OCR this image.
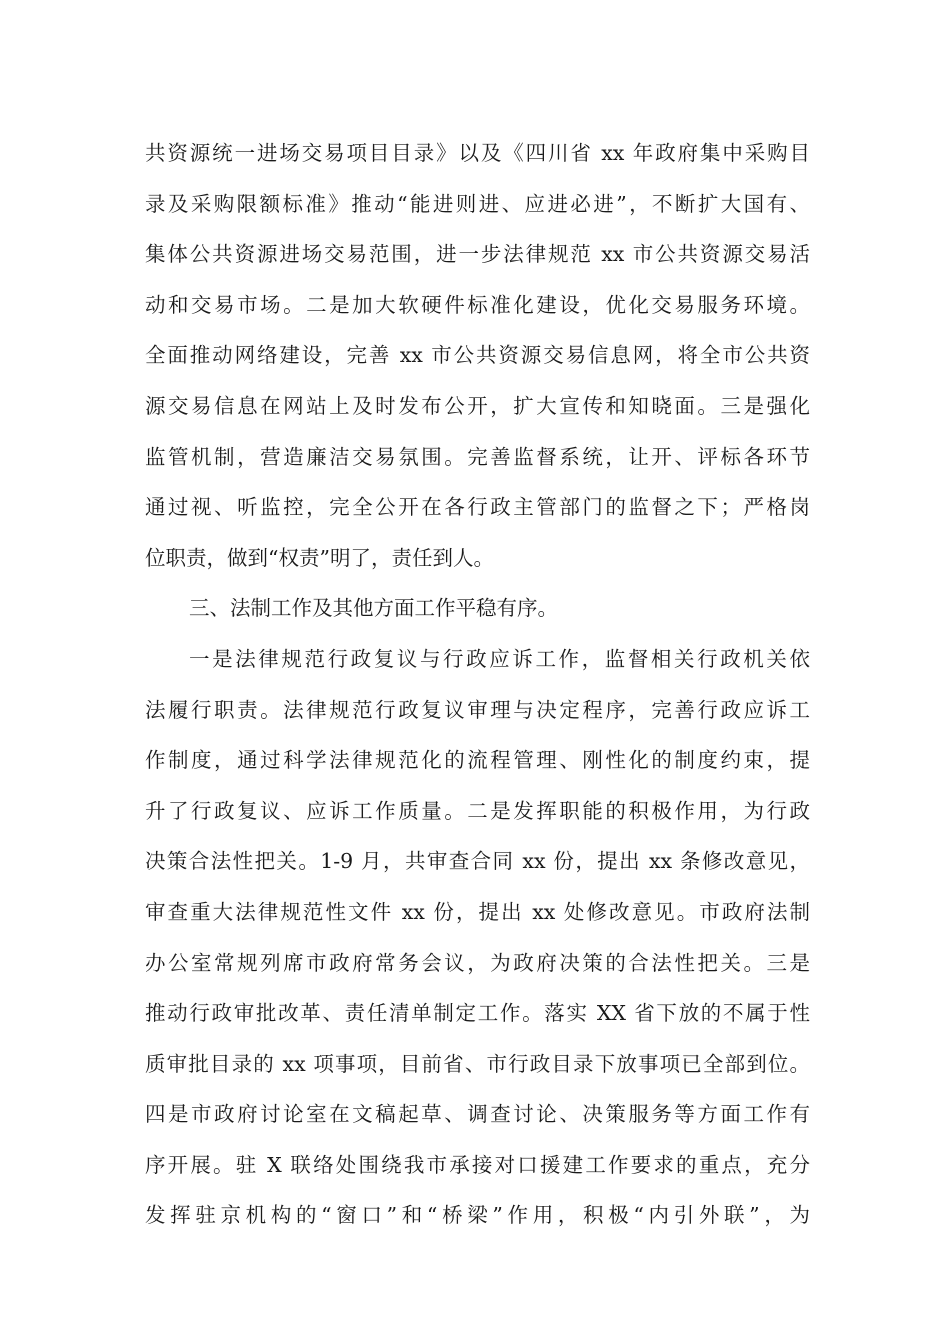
共资源统一进场交易项目目录》以及《四川省 xx 年政府集中采购目
录及采购限额标准》推动“能进则进、应进必进”，不断扩大国有、
集体公共资源进场交易范围，进一步法律规范 xx 市公共资源交易活
动和交易市场。二是加大软硬件标准化建设，优化交易服务环境。
全面推动网络建设，完善 xx 市公共资源交易信息网，将全市公共资
源交易信息在网站上及时发布公开，扩大宣传和知晓面。三是强化
监管机制，营造廉洁交易氛围。完善监督系统，让开、评标各环节
通过视、听监控，完全公开在各行政主管部门的监督之下；严格岗
位职责，做到“权责”明了，责任到人。
三、法制工作及其他方面工作平稳有序。
一是法律规范行政复议与行政应诉工作，监督相关行政机关依
法履行职责。法律规范行政复议审理与决定程序，完善行政应诉工
作制度，通过科学法律规范化的流程管理、刚性化的制度约束，提
升了行政复议、应诉工作质量。二是发挥职能的积极作用，为行政
决策合法性把关。1-9 月，共审查合同 xx 份，提出 xx 条修改意见，
审查重大法律规范性文件 xx 份，提出 xx 处修改意见。市政府法制
办公室常规列席市政府常务会议，为政府决策的合法性把关。三是
推动行政审批改革、责任清单制定工作。落实 XX 省下放的不属于性
质审批目录的 xx 项事项，目前省、市行政目录下放事项已全部到位。
四是市政府讨论室在文稿起草、调查讨论、决策服务等方面工作有
序开展。驻 X 联络处围绕我市承接对口援建工作要求的重点，充分
发挥驻京机构的“窗口”和“桥梁”作用，积极“内引外联”，为
